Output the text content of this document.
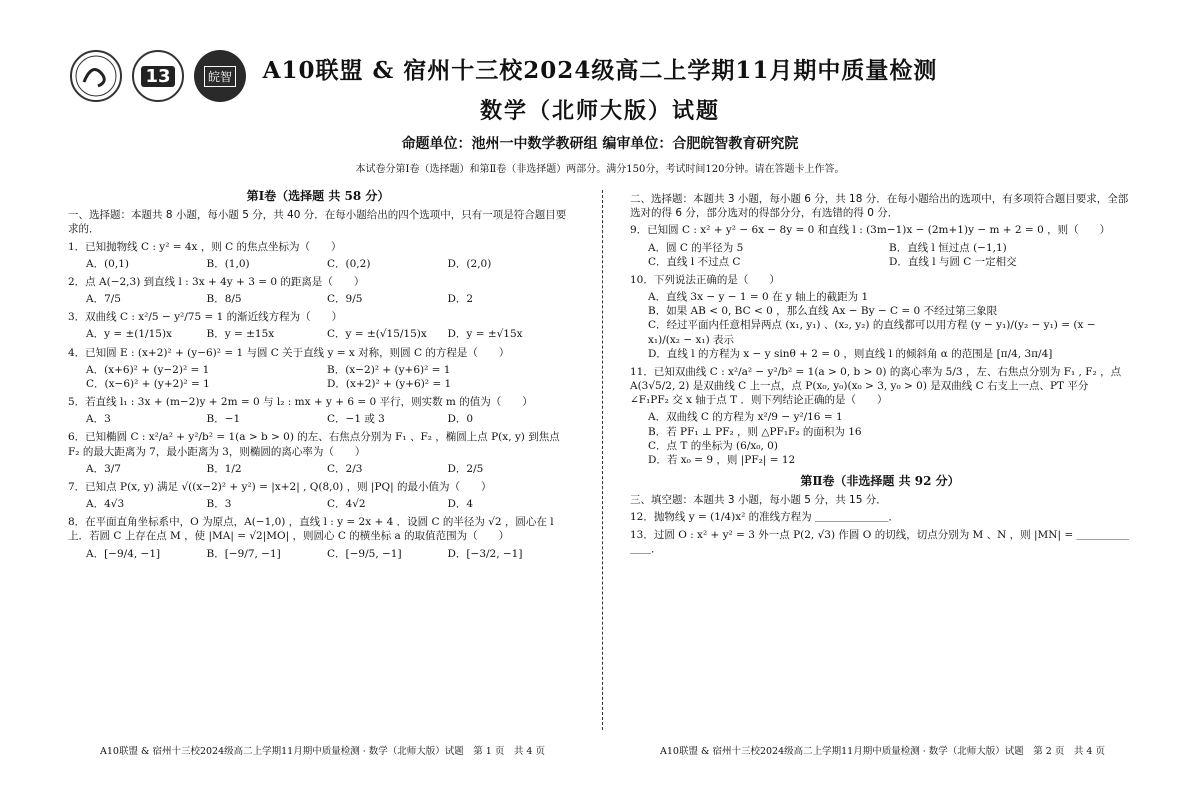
13	皖智	A10联盟 & 宿州十三校2024级高二上学期11月期中质量检测
数学（北师大版）试题
命题单位：池州一中数学教研组 编审单位：合肥皖智教育研究院
本试卷分第Ⅰ卷（选择题）和第Ⅱ卷（非选择题）两部分。满分150分，考试时间120分钟。请在答题卡上作答。
第Ⅰ卷（选择题 共 58 分）
一、选择题：本题共 8 小题，每小题 5 分，共 40 分．在每小题给出的四个选项中，只有一项是符合题目要求的．
1．已知抛物线 C : y² = 4x ，则 C 的焦点坐标为（　　）
A．(0,1)	B．(1,0)	C．(0,2)	D．(2,0)
2．点 A(−2,3) 到直线 l : 3x + 4y + 3 = 0 的距离是（　　）
A．7/5	B．8/5	C．9/5	D．2
3．双曲线 C : x²/5 − y²/75 = 1 的渐近线方程为（　　）
A．y = ±(1/15)x	B．y = ±15x	C．y = ±(√15/15)x	D．y = ±√15x
4．已知圆 E : (x+2)² + (y−6)² = 1 与圆 C 关于直线 y = x 对称，则圆 C 的方程是（　　）
A．(x+6)² + (y−2)² = 1	B．(x−2)² + (y+6)² = 1
C．(x−6)² + (y+2)² = 1	D．(x+2)² + (y+6)² = 1
5．若直线 l₁ : 3x + (m−2)y + 2m = 0 与 l₂ : mx + y + 6 = 0 平行，则实数 m 的值为（　　）
A．3	B．−1	C．−1 或 3	D．0
6．已知椭圆 C : x²/a² + y²/b² = 1(a > b > 0) 的左、右焦点分别为 F₁ 、F₂ ，椭圆上点 P(x, y) 到焦点 F₂ 的最大距离为 7，最小距离为 3，则椭圆的离心率为（　　）
A．3/7	B．1/2	C．2/3	D．2/5
7．已知点 P(x, y) 满足 √((x−2)² + y²) = |x+2| , Q(8,0) ，则 |PQ| 的最小值为（　　）
A．4√3	B．3	C．4√2	D．4
8．在平面直角坐标系中，O 为原点，A(−1,0) ，直线 l : y = 2x + 4 ．设圆 C 的半径为 √2 ，圆心在 l 上．若圆 C 上存在点 M ，使 |MA| = √2|MO| ，则圆心 C 的横坐标 a 的取值范围为（　　）
A．[−9/4, −1]	B．[−9/7, −1]	C．[−9/5, −1]	D．[−3/2, −1]
二、选择题：本题共 3 小题，每小题 6 分，共 18 分．在每小题给出的选项中，有多项符合题目要求，全部选对的得 6 分，部分选对的得部分分，有选错的得 0 分．
9．已知圆 C : x² + y² − 6x − 8y = 0 和直线 l : (3m−1)x − (2m+1)y − m + 2 = 0 ，则（　　）
A．圆 C 的半径为 5	B．直线 l 恒过点 (−1,1)
C．直线 l 不过点 C	D．直线 l 与圆 C 一定相交
10．下列说法正确的是（　　）
A．直线 3x − y − 1 = 0 在 y 轴上的截距为 1
B．如果 AB < 0, BC < 0 ，那么直线 Ax − By − C = 0 不经过第三象限
C．经过平面内任意相异两点 (x₁, y₁) 、(x₂, y₂) 的直线都可以用方程 (y − y₁)/(y₂ − y₁) = (x − x₁)/(x₂ − x₁) 表示
D．直线 l 的方程为 x − y sinθ + 2 = 0 ，则直线 l 的倾斜角 α 的范围是 [π/4, 3π/4]
11．已知双曲线 C : x²/a² − y²/b² = 1(a > 0, b > 0) 的离心率为 5/3 ，左、右焦点分别为 F₁ , F₂ ，点 A(3√5/2, 2) 是双曲线 C 上一点，点 P(x₀, y₀)(x₀ > 3, y₀ > 0) 是双曲线 C 右支上一点、PT 平分 ∠F₁PF₂ 交 x 轴于点 T ．则下列结论正确的是（　　）
A．双曲线 C 的方程为 x²/9 − y²/16 = 1
B．若 PF₁ ⊥ PF₂ ，则 △PF₁F₂ 的面积为 16
C．点 T 的坐标为 (6/x₀, 0)
D．若 x₀ = 9 ，则 |PF₂| = 12
第Ⅱ卷（非选择题 共 92 分）
三、填空题：本题共 3 小题，每小题 5 分，共 15 分．
12．抛物线 y = (1/4)x² 的准线方程为 ＿＿＿＿＿＿＿．
13．过圆 O : x² + y² = 3 外一点 P(2, √3) 作圆 O 的切线，切点分别为 M 、N ，则 |MN| = ＿＿＿＿＿＿＿．
A10联盟 & 宿州十三校2024级高二上学期11月期中质量检测 · 数学（北师大版）试题　第 1 页　共 4 页	A10联盟 & 宿州十三校2024级高二上学期11月期中质量检测 · 数学（北师大版）试题　第 2 页　共 4 页
